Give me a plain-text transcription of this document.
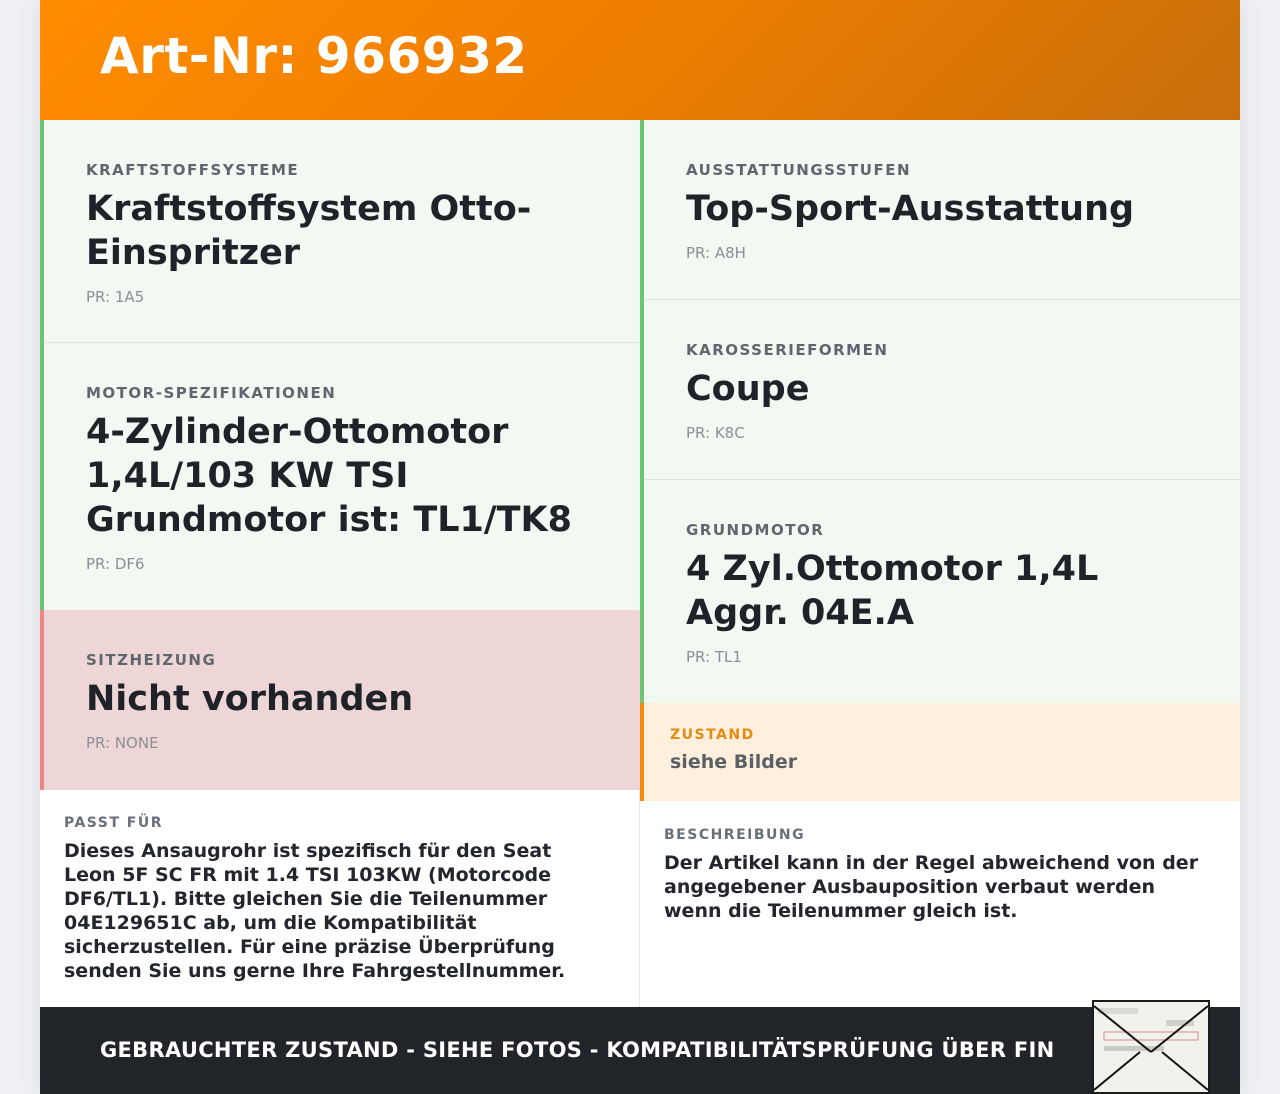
Art-Nr: 966932
KRAFTSTOFFSYSTEME
Kraftstoffsystem Otto-Einspritzer
PR: 1A5
MOTOR-SPEZIFIKATIONEN
4-Zylinder-Ottomotor 1,4L/103 KW TSI Grundmotor ist: TL1/TK8
PR: DF6
SITZHEIZUNG
Nicht vorhanden
PR: NONE
AUSSTATTUNGSSTUFEN
Top-Sport-Ausstattung
PR: A8H
KAROSSERIEFORMEN
Coupe
PR: K8C
GRUNDMOTOR
4 Zyl.Ottomotor 1,4L Aggr. 04E.A
PR: TL1
ZUSTAND
siehe Bilder
PASST FÜR
Dieses Ansaugrohr ist spezifisch für den Seat Leon 5F SC FR mit 1.4 TSI 103KW (Motorcode DF6/TL1). Bitte gleichen Sie die Teilenummer 04E129651C ab, um die Kompatibilität sicherzustellen. Für eine präzise Überprüfung senden Sie uns gerne Ihre Fahrgestellnummer.
BESCHREIBUNG
Der Artikel kann in der Regel abweichend von der angegebener Ausbauposition verbaut werden wenn die Teilenummer gleich ist.
GEBRAUCHTER ZUSTAND - SIEHE FOTOS - KOMPATIBILITÄTSPRÜFUNG ÜBER FIN
